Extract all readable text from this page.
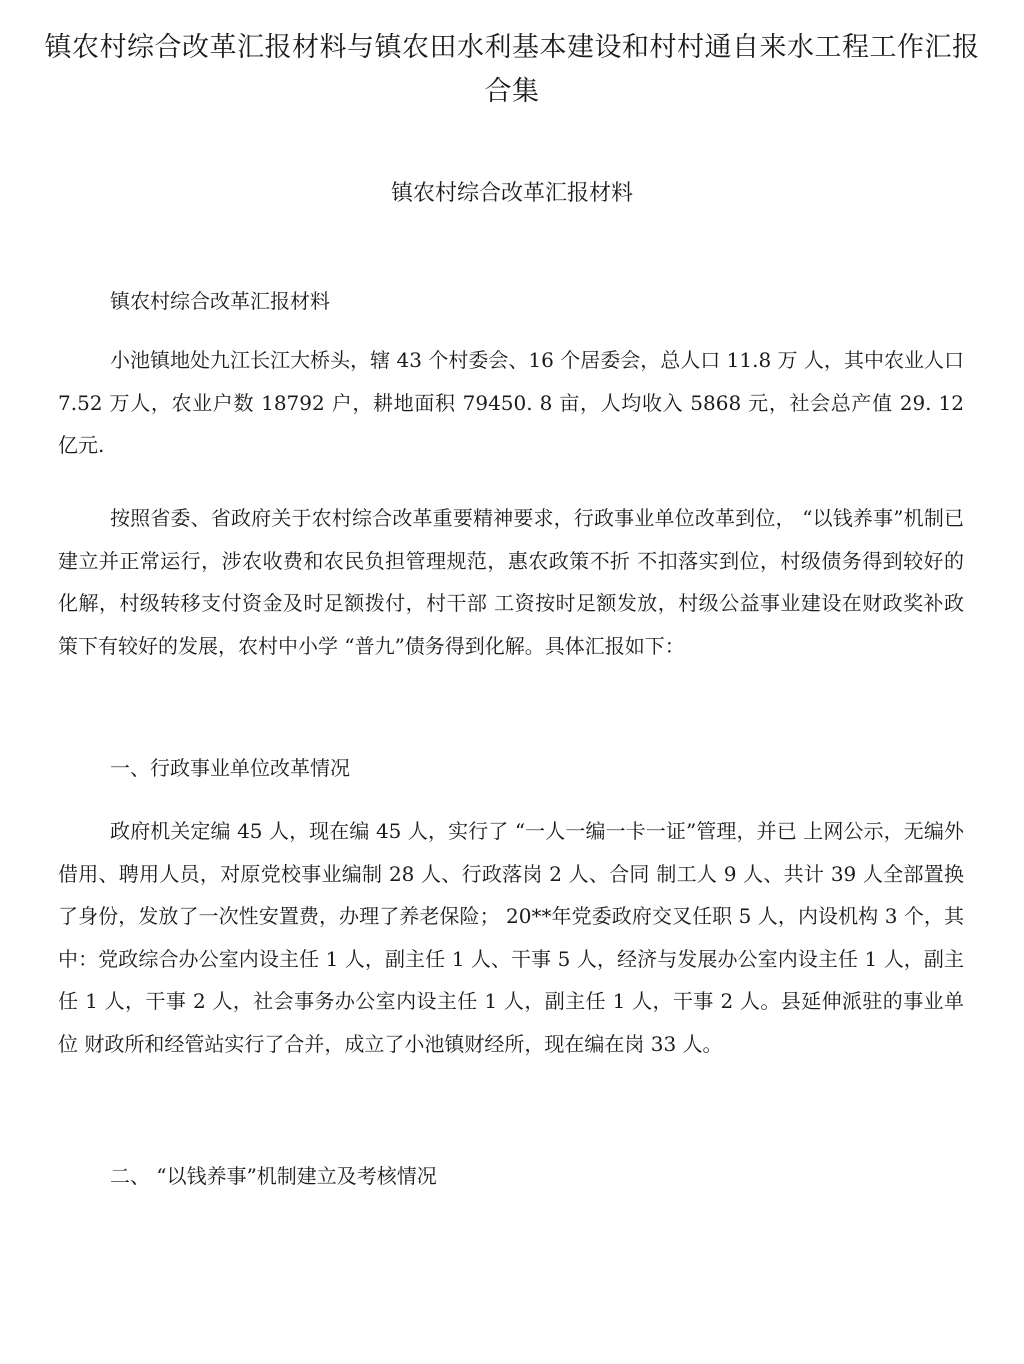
镇农村综合改革汇报材料与镇农田水利基本建设和村村通自来水工程工作汇报合集
镇农村综合改革汇报材料

镇农村综合改革汇报材料

小池镇地处九江长江大桥头，辖 43 个村委会、16 个居委会，总人口 11.8 万 人，其中农业人口 7.52 万人，农业户数 18792 户，耕地面积 79450. 8 亩，人均收入 5868 元，社会总产值 29. 12 亿元.

按照省委、省政府关于农村综合改革重要精神要求，行政事业单位改革到位， “以钱养事”机制已建立并正常运行，涉农收费和农民负担管理规范，惠农政策不折 不扣落实到位，村级债务得到较好的化解，村级转移支付资金及时足额拨付，村干部 工资按时足额发放，村级公益事业建设在财政奖补政策下有较好的发展，农村中小学 “普九”债务得到化解。具体汇报如下：

一、行政事业单位改革情况

政府机关定编 45 人，现在编 45 人，实行了 “一人一编一卡一证”管理，并已 上网公示，无编外借用、聘用人员，对原党校事业编制 28 人、行政落岗 2 人、合同 制工人 9 人、共计 39 人全部置换了身份，发放了一次性安置费，办理了养老保险； 20**年党委政府交叉任职 5 人，内设机构 3 个，其中：党政综合办公室内设主任 1 人，副主任 1 人、干事 5 人，经济与发展办公室内设主任 1 人，副主任 1 人，干事 2 人，社会事务办公室内设主任 1 人，副主任 1 人，干事 2 人。县延伸派驻的事业单位 财政所和经管站实行了合并，成立了小池镇财经所，现在编在岗 33 人。

二、 “以钱养事”机制建立及考核情况
